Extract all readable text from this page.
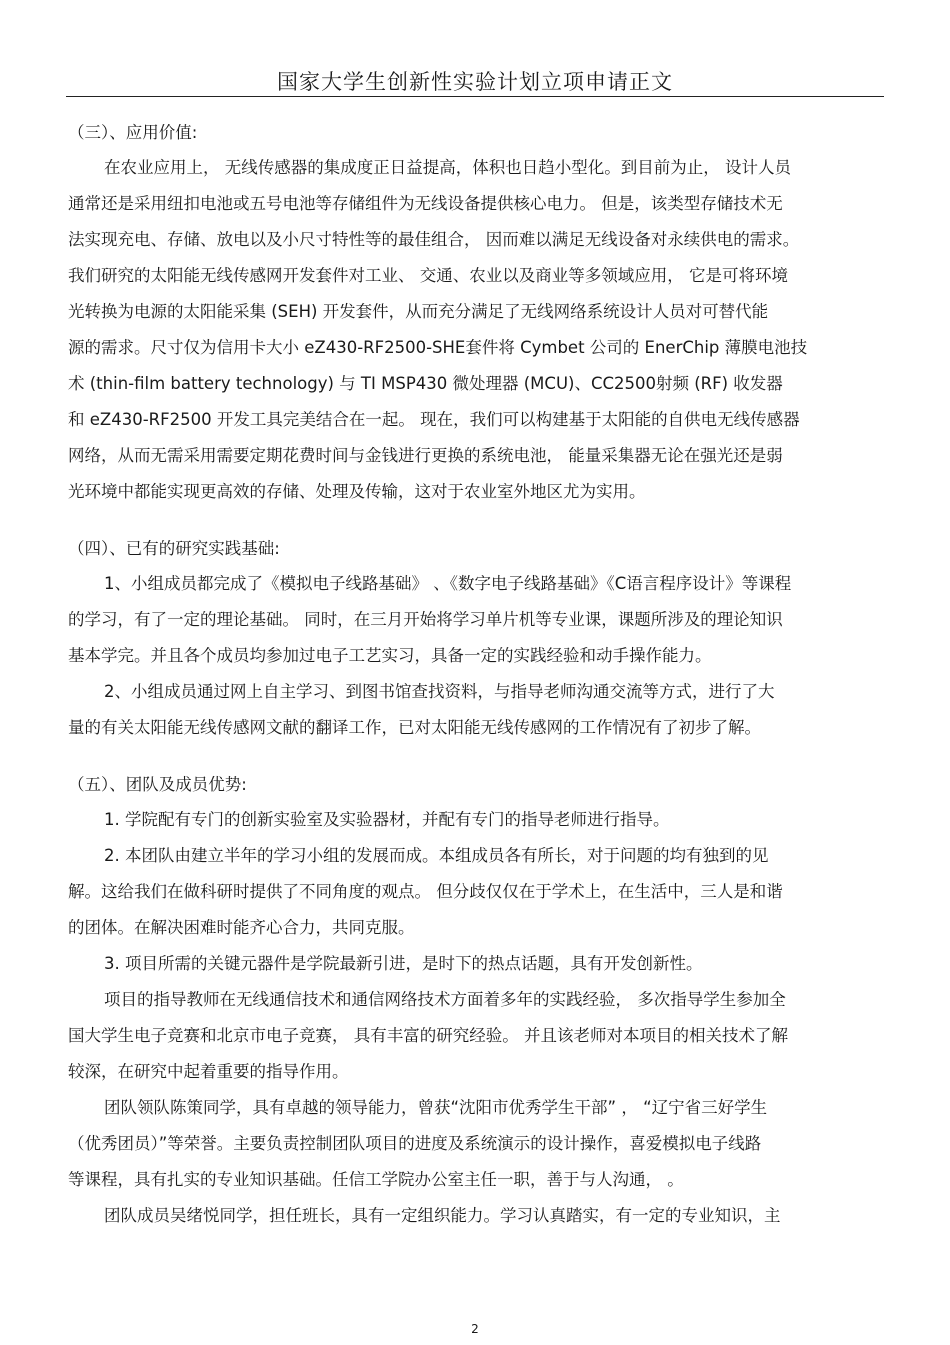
国家大学生创新性实验计划立项申请正文
（三）、应用价值:
在农业应用上， 无线传感器的集成度正日益提高，体积也日趋小型化。到目前为止， 设计人员
通常还是采用纽扣电池或五号电池等存储组件为无线设备提供核心电力。 但是，该类型存储技术无
法实现充电、存储、放电以及小尺寸特性等的最佳组合， 因而难以满足无线设备对永续供电的需求。
我们研究的太阳能无线传感网开发套件对工业、 交通、农业以及商业等多领域应用， 它是可将环境
光转换为电源的太阳能采集 (SEH) 开发套件，从而充分满足了无线网络系统设计人员对可替代能
源的需求。尺寸仅为信用卡大小 eZ430-RF2500-SHE套件将 Cymbet 公司的 EnerChip 薄膜电池技
术 (thin-film battery technology) 与 TI MSP430 微处理器 (MCU)、CC2500射频 (RF) 收发器
和 eZ430-RF2500 开发工具完美结合在一起。 现在，我们可以构建基于太阳能的自供电无线传感器
网络，从而无需采用需要定期花费时间与金钱进行更换的系统电池， 能量采集器无论在强光还是弱
光环境中都能实现更高效的存储、处理及传输，这对于农业室外地区尤为实用。
（四）、已有的研究实践基础:
1、小组成员都完成了《模拟电子线路基础》 、《数字电子线路基础》《C语言程序设计》等课程
的学习，有了一定的理论基础。 同时，在三月开始将学习单片机等专业课，课题所涉及的理论知识
基本学完。并且各个成员均参加过电子工艺实习，具备一定的实践经验和动手操作能力。
2、小组成员通过网上自主学习、到图书馆查找资料，与指导老师沟通交流等方式，进行了大
量的有关太阳能无线传感网文献的翻译工作，已对太阳能无线传感网的工作情况有了初步了解。
（五）、团队及成员优势:
1. 学院配有专门的创新实验室及实验器材，并配有专门的指导老师进行指导。
2. 本团队由建立半年的学习小组的发展而成。本组成员各有所长，对于问题的均有独到的见
解。这给我们在做科研时提供了不同角度的观点。 但分歧仅仅在于学术上，在生活中，三人是和谐
的团体。在解决困难时能齐心合力，共同克服。
3. 项目所需的关键元器件是学院最新引进，是时下的热点话题，具有开发创新性。
项目的指导教师在无线通信技术和通信网络技术方面着多年的实践经验， 多次指导学生参加全
国大学生电子竞赛和北京市电子竞赛， 具有丰富的研究经验。 并且该老师对本项目的相关技术了解
较深，在研究中起着重要的指导作用。
团队领队陈策同学，具有卓越的领导能力，曾获“沈阳市优秀学生干部” ， “辽宁省三好学生
（优秀团员）”等荣誉。主要负责控制团队项目的进度及系统演示的设计操作，喜爱模拟电子线路
等课程，具有扎实的专业知识基础。任信工学院办公室主任一职，善于与人沟通， 。
团队成员吴绪悦同学，担任班长，具有一定组织能力。学习认真踏实，有一定的专业知识，主
2
